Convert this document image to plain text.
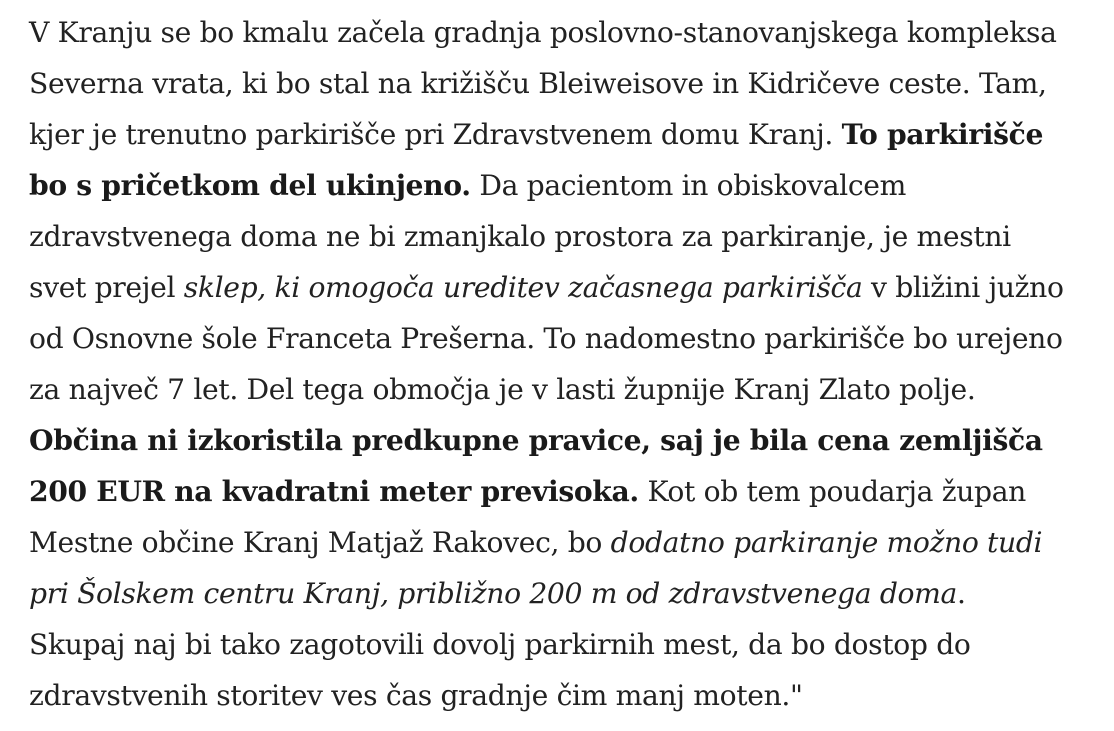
V Kranju se bo kmalu začela gradnja poslovno-stanovanjskega kompleksa Severna vrata, ki bo stal na križišču Bleiweisove in Kidričeve ceste. Tam, kjer je trenutno parkirišče pri Zdravstvenem domu Kranj. To parkirišče bo s pričetkom del ukinjeno. Da pacientom in obiskovalcem zdravstvenega doma ne bi zmanjkalo prostora za parkiranje, je mestni svet prejel sklep, ki omogoča ureditev začasnega parkirišča v bližini južno od Osnovne šole Franceta Prešerna. To nadomestno parkirišče bo urejeno za največ 7 let. Del tega območja je v lasti župnije Kranj Zlato polje. Občina ni izkoristila predkupne pravice, saj je bila cena zemljišča 200 EUR na kvadratni meter previsoka. Kot ob tem poudarja župan Mestne občine Kranj Matjaž Rakovec, bo dodatno parkiranje možno tudi pri Šolskem centru Kranj, približno 200 m od zdravstvenega doma. Skupaj naj bi tako zagotovili dovolj parkirnih mest, da bo dostop do zdravstvenih storitev ves čas gradnje čim manj moten."
